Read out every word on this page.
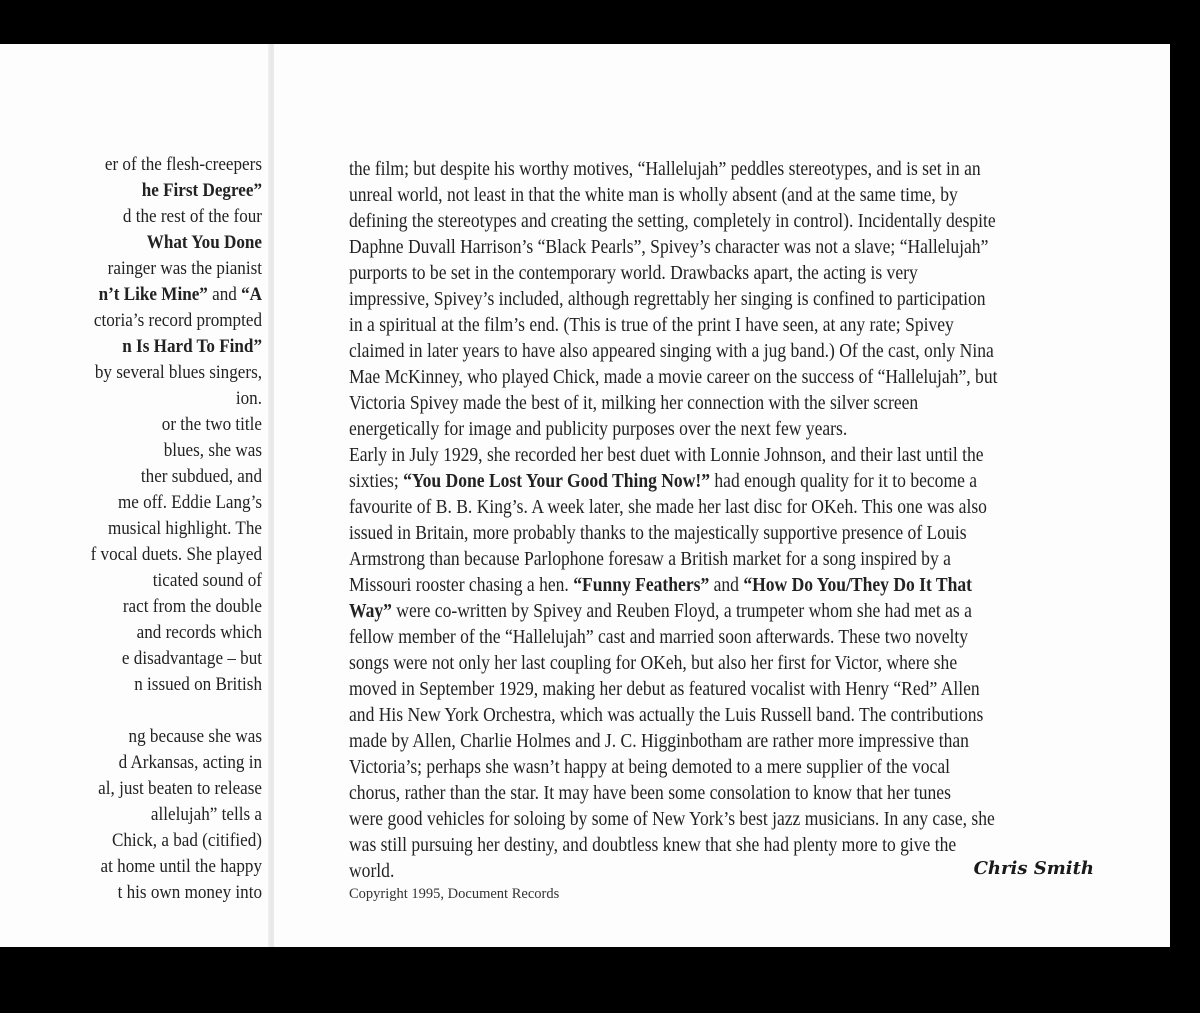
er of the flesh-creepers
he First Degree”
d the rest of the four
What You Done
rainger was the pianist
n’t Like Mine” and “A
ctoria’s record prompted
n Is Hard To Find”
by several blues singers,
ion.
or the two title
blues, she was
ther subdued, and
me off. Eddie Lang’s
musical highlight. The
f vocal duets. She played
ticated sound of
ract from the double
and records which
e disadvantage – but
n issued on British
ng because she was
d Arkansas, acting in
al, just beaten to release
allelujah” tells a
Chick, a bad (citified)
at home until the happy
t his own money into
the film; but despite his worthy motives, “Hallelujah” peddles stereotypes, and is set in an
unreal world, not least in that the white man is wholly absent (and at the same time, by
defining the stereotypes and creating the setting, completely in control). Incidentally despite
Daphne Duvall Harrison’s “Black Pearls”, Spivey’s character was not a slave; “Hallelujah”
purports to be set in the contemporary world. Drawbacks apart, the acting is very
impressive, Spivey’s included, although regrettably her singing is confined to participation
in a spiritual at the film’s end. (This is true of the print I have seen, at any rate; Spivey
claimed in later years to have also appeared singing with a jug band.) Of the cast, only Nina
Mae McKinney, who played Chick, made a movie career on the success of “Hallelujah”, but
Victoria Spivey made the best of it, milking her connection with the silver screen
energetically for image and publicity purposes over the next few years.
Early in July 1929, she recorded her best duet with Lonnie Johnson, and their last until the
sixties; “You Done Lost Your Good Thing Now!” had enough quality for it to become a
favourite of B. B. King’s. A week later, she made her last disc for OKeh. This one was also
issued in Britain, more probably thanks to the majestically supportive presence of Louis
Armstrong than because Parlophone foresaw a British market for a song inspired by a
Missouri rooster chasing a hen. “Funny Feathers” and “How Do You/They Do It That
Way” were co-written by Spivey and Reuben Floyd, a trumpeter whom she had met as a
fellow member of the “Hallelujah” cast and married soon afterwards. These two novelty
songs were not only her last coupling for OKeh, but also her first for Victor, where she
moved in September 1929, making her debut as featured vocalist with Henry “Red” Allen
and His New York Orchestra, which was actually the Luis Russell band. The contributions
made by Allen, Charlie Holmes and J. C. Higginbotham are rather more impressive than
Victoria’s; perhaps she wasn’t happy at being demoted to a mere supplier of the vocal
chorus, rather than the star. It may have been some consolation to know that her tunes
were good vehicles for soloing by some of New York’s best jazz musicians. In any case, she
was still pursuing her destiny, and doubtless knew that she had plenty more to give the
world.	Chris Smith
Copyright 1995, Document Records
